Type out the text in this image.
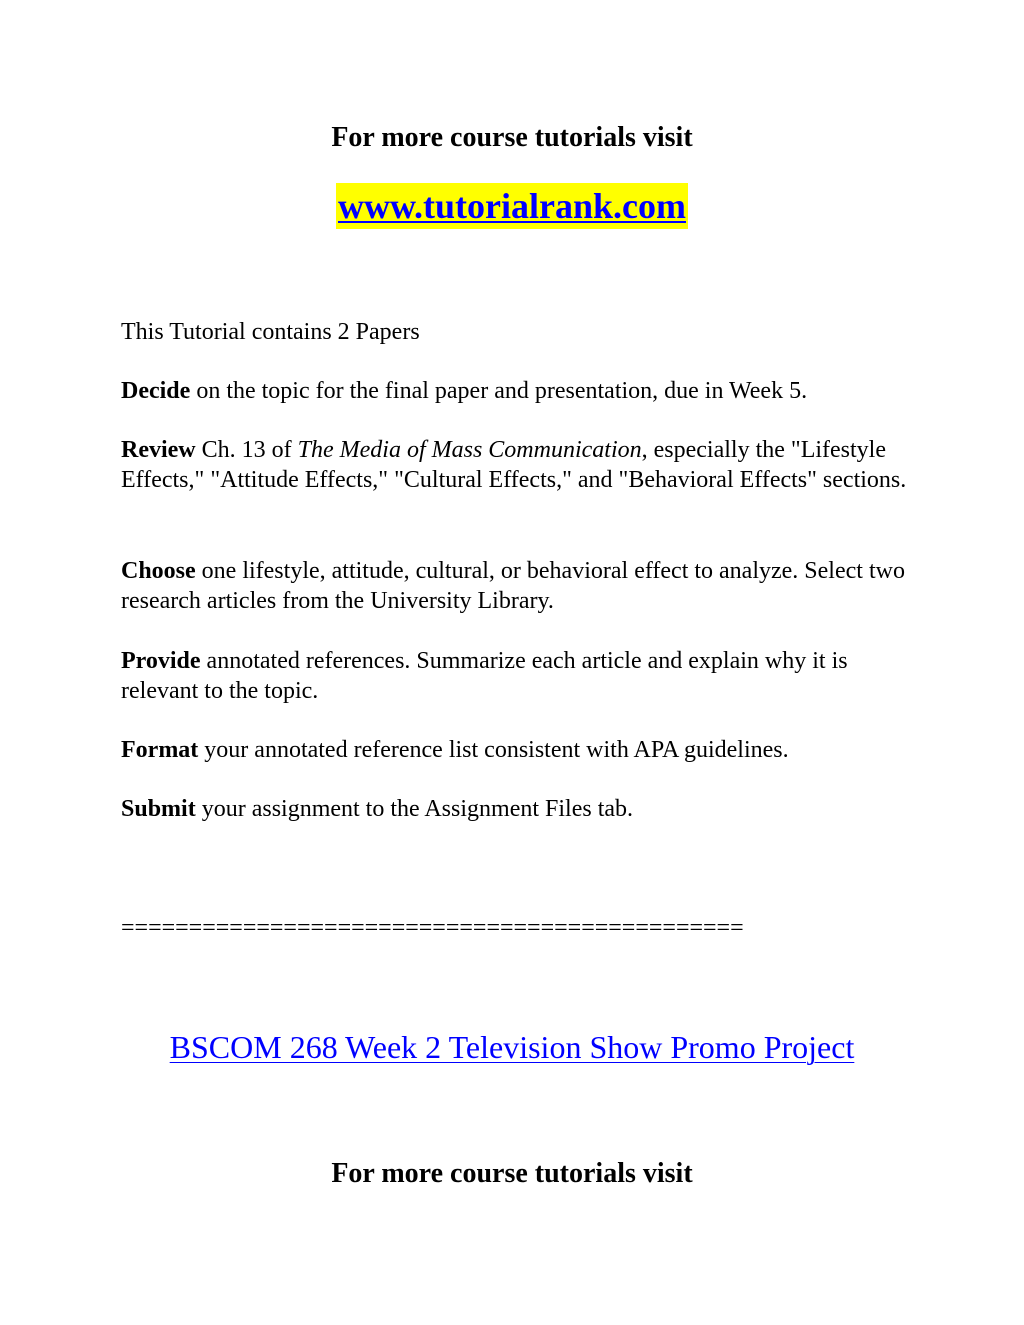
For more course tutorials visit
www.tutorialrank.com
This Tutorial contains 2 Papers
Decide on the topic for the final paper and presentation, due in Week 5.
Review Ch. 13 of The Media of Mass Communication, especially the "Lifestyle Effects," "Attitude Effects," "Cultural Effects," and "Behavioral Effects" sections.
Choose one lifestyle, attitude, cultural, or behavioral effect to analyze. Select two research articles from the University Library.
Provide annotated references. Summarize each article and explain why it is relevant to the topic.
Format your annotated reference list consistent with APA guidelines.
Submit your assignment to the Assignment Files tab.
==============================================
BSCOM 268 Week 2 Television Show Promo Project
For more course tutorials visit
